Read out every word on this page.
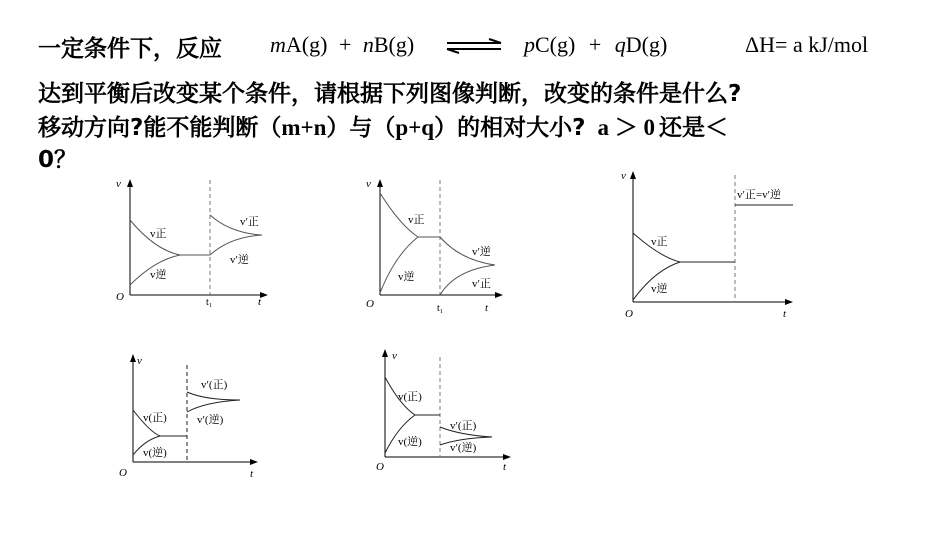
一定条件下，反应 mA(g) + nB(g) ⇌ pC(g) + qD(g)	ΔH= a kJ/mol
达到平衡后改变某个条件，请根据下列图像判断，改变的条件是什么?
移动方向?能不能判断（m+n）与（p+q）的相对大小? a ＞ 0 还是＜
0？
v
t
O	t₁
v正
v逆
v′正
v′逆
v
t
O	t₁
v正
v逆
v′逆
v′正
v
t
O
v正
v逆
v′正=v′逆
v
t
O
v(正)
v(逆)
v′(正)
v′(逆)
v
t
O
v(正)
v(逆)
v′(正)
v′(逆)
